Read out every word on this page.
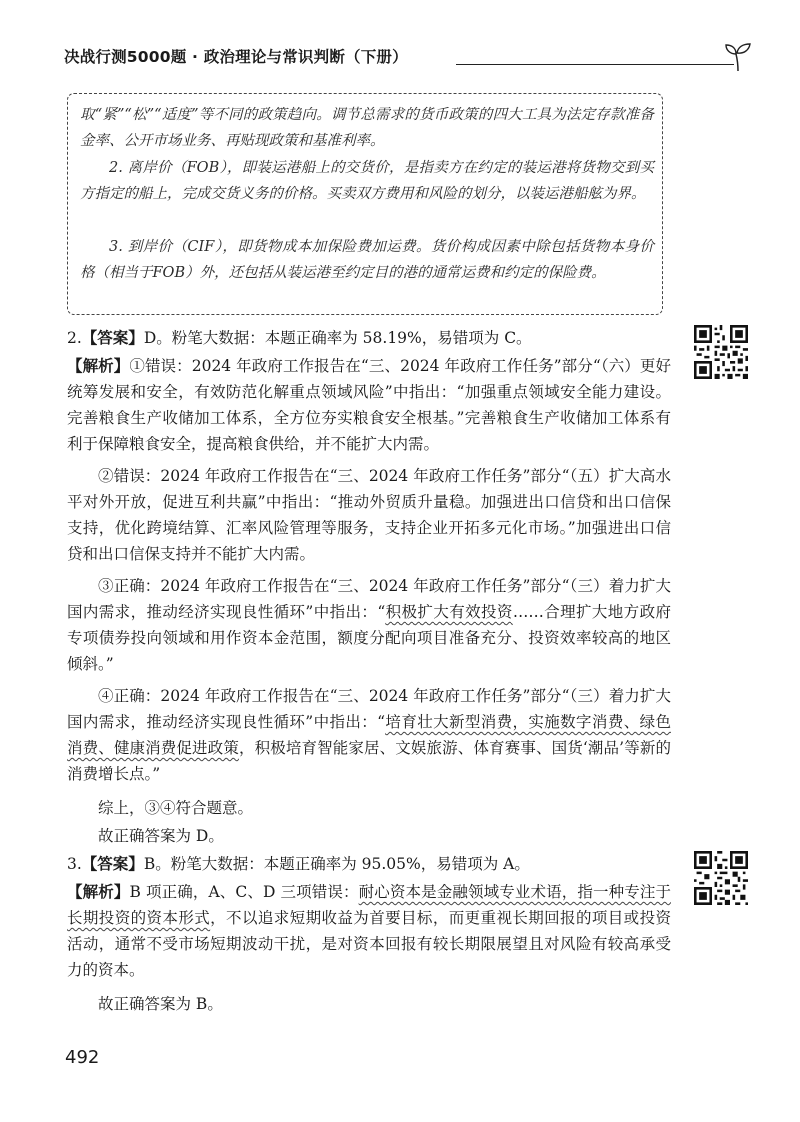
决战行测5000题 · 政治理论与常识判断（下册）

取“紧”“松”“适度”等不同的政策趋向。调节总需求的货币政策的四大工具为法定存款准备金率、公开市场业务、再贴现政策和基准利率。

2. 离岸价（FOB），即装运港船上的交货价，是指卖方在约定的装运港将货物交到买方指定的船上，完成交货义务的价格。买卖双方费用和风险的划分，以装运港船舷为界。

3. 到岸价（CIF），即货物成本加保险费加运费。货价构成因素中除包括货物本身价格（相当于FOB）外，还包括从装运港至约定目的港的通常运费和约定的保险费。

2.【答案】D。粉笔大数据：本题正确率为 58.19%，易错项为 C。

【解析】①错误：2024 年政府工作报告在“三、2024 年政府工作任务”部分“（六）更好统筹发展和安全，有效防范化解重点领域风险”中指出：“加强重点领域安全能力建设。完善粮食生产收储加工体系，全方位夯实粮食安全根基。”完善粮食生产收储加工体系有利于保障粮食安全，提高粮食供给，并不能扩大内需。

②错误：2024 年政府工作报告在“三、2024 年政府工作任务”部分“（五）扩大高水平对外开放，促进互利共赢”中指出：“推动外贸质升量稳。加强进出口信贷和出口信保支持，优化跨境结算、汇率风险管理等服务，支持企业开拓多元化市场。”加强进出口信贷和出口信保支持并不能扩大内需。

③正确：2024 年政府工作报告在“三、2024 年政府工作任务”部分“（三）着力扩大国内需求，推动经济实现良性循环”中指出：“积极扩大有效投资……合理扩大地方政府专项债券投向领域和用作资本金范围，额度分配向项目准备充分、投资效率较高的地区倾斜。”

④正确：2024 年政府工作报告在“三、2024 年政府工作任务”部分“（三）着力扩大国内需求，推动经济实现良性循环”中指出：“培育壮大新型消费，实施数字消费、绿色消费、健康消费促进政策，积极培育智能家居、文娱旅游、体育赛事、国货‘潮品’等新的消费增长点。”

综上，③④符合题意。

故正确答案为 D。

3.【答案】B。粉笔大数据：本题正确率为 95.05%，易错项为 A。

【解析】B 项正确，A、C、D 三项错误：耐心资本是金融领域专业术语，指一种专注于长期投资的资本形式，不以追求短期收益为首要目标，而更重视长期回报的项目或投资活动，通常不受市场短期波动干扰，是对资本回报有较长期限展望且对风险有较高承受力的资本。

故正确答案为 B。

492
